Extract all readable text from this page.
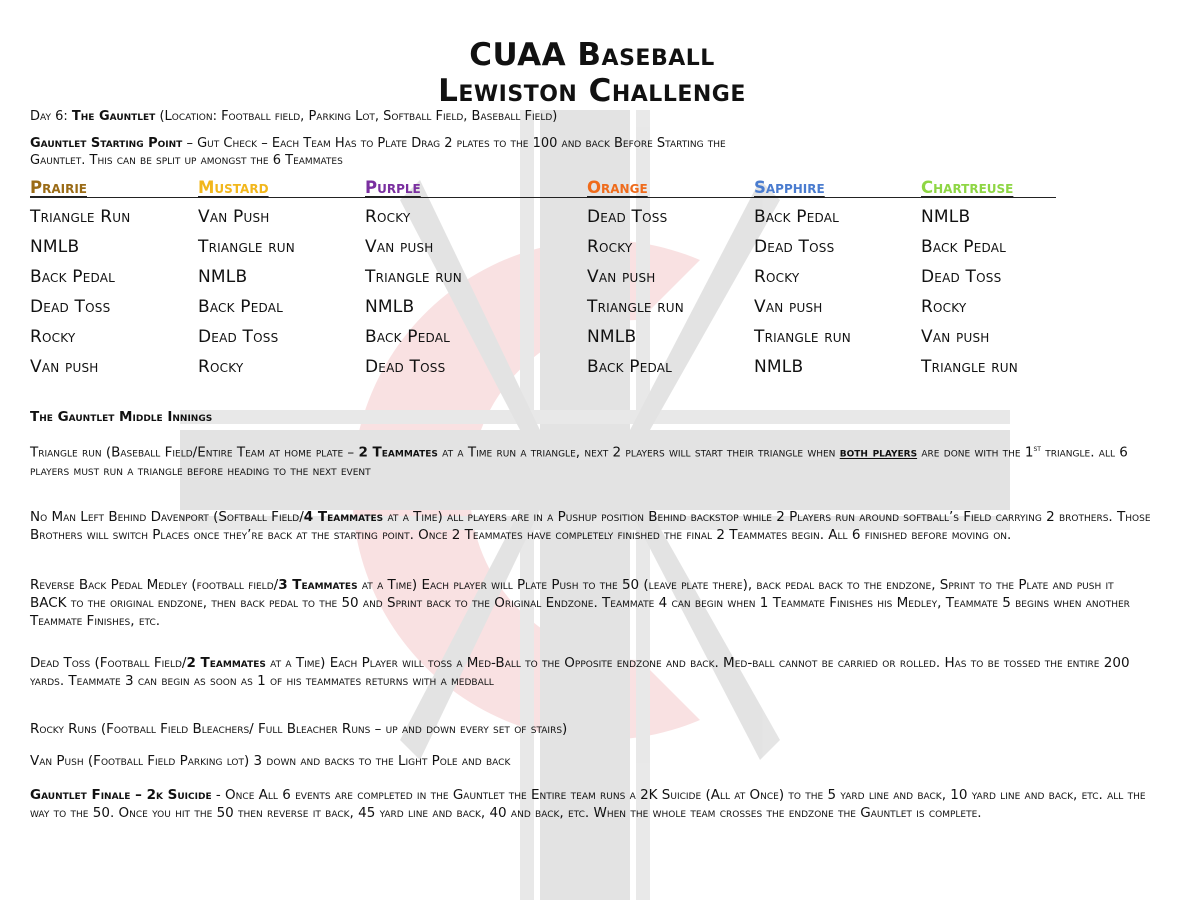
CUAA Baseball
Lewiston Challenge
Day 6: The Gauntlet (Location: Football field, Parking Lot, Softball Field, Baseball Field)
Gauntlet Starting Point – Gut Check – Each Team Has to Plate Drag 2 plates to the 100 and back Before Starting the
Gauntlet. This can be split up amongst the 6 Teammates
Prairie	Mustard	Purple	Orange	Sapphire	Chartreuse
Triangle Run	Van Push	Rocky	Dead Toss	Back Pedal	NMLB
NMLB	Triangle run	Van push	Rocky	Dead Toss	Back Pedal
Back Pedal	NMLB	Triangle run	Van push	Rocky	Dead Toss
Dead Toss	Back Pedal	NMLB	Triangle run	Van push	Rocky
Rocky	Dead Toss	Back Pedal	NMLB	Triangle run	Van push
Van push	Rocky	Dead Toss	Back Pedal	NMLB	Triangle run
The Gauntlet Middle Innings
Triangle run (Baseball Field/Entire Team at home plate – 2 Teammates at a Time run a triangle, next 2 players will start their triangle when both players are done with the 1st triangle. all 6 players must run a triangle before heading to the next event
No Man Left Behind Davenport (Softball Field/4 Teammates at a Time) all players are in a Pushup position Behind backstop while 2 Players run around softball’s Field carrying 2 brothers. Those Brothers will switch Places once they’re back at the starting point. Once 2 Teammates have completely finished the final 2 Teammates begin. All 6 finished before moving on.
Reverse Back Pedal Medley (football field/3 Teammates at a Time) Each player will Plate Push to the 50 (leave plate there), back pedal back to the endzone, Sprint to the Plate and push it BACK to the original endzone, then back pedal to the 50 and Sprint back to the Original Endzone. Teammate 4 can begin when 1 Teammate Finishes his Medley, Teammate 5 begins when another Teammate Finishes, etc.
Dead Toss (Football Field/2 Teammates at a Time) Each Player will toss a Med-Ball to the Opposite endzone and back. Med-ball cannot be carried or rolled. Has to be tossed the entire 200 yards. Teammate 3 can begin as soon as 1 of his teammates returns with a medball
Rocky Runs (Football Field Bleachers/ Full Bleacher Runs – up and down every set of stairs)
Van Push (Football Field Parking lot) 3 down and backs to the Light Pole and back
Gauntlet Finale – 2k Suicide - Once All 6 events are completed in the Gauntlet the Entire team runs a 2K Suicide (All at Once) to the 5 yard line and back, 10 yard line and back, etc. all the way to the 50. Once you hit the 50 then reverse it back, 45 yard line and back, 40 and back, etc. When the whole team crosses the endzone the Gauntlet is complete.
